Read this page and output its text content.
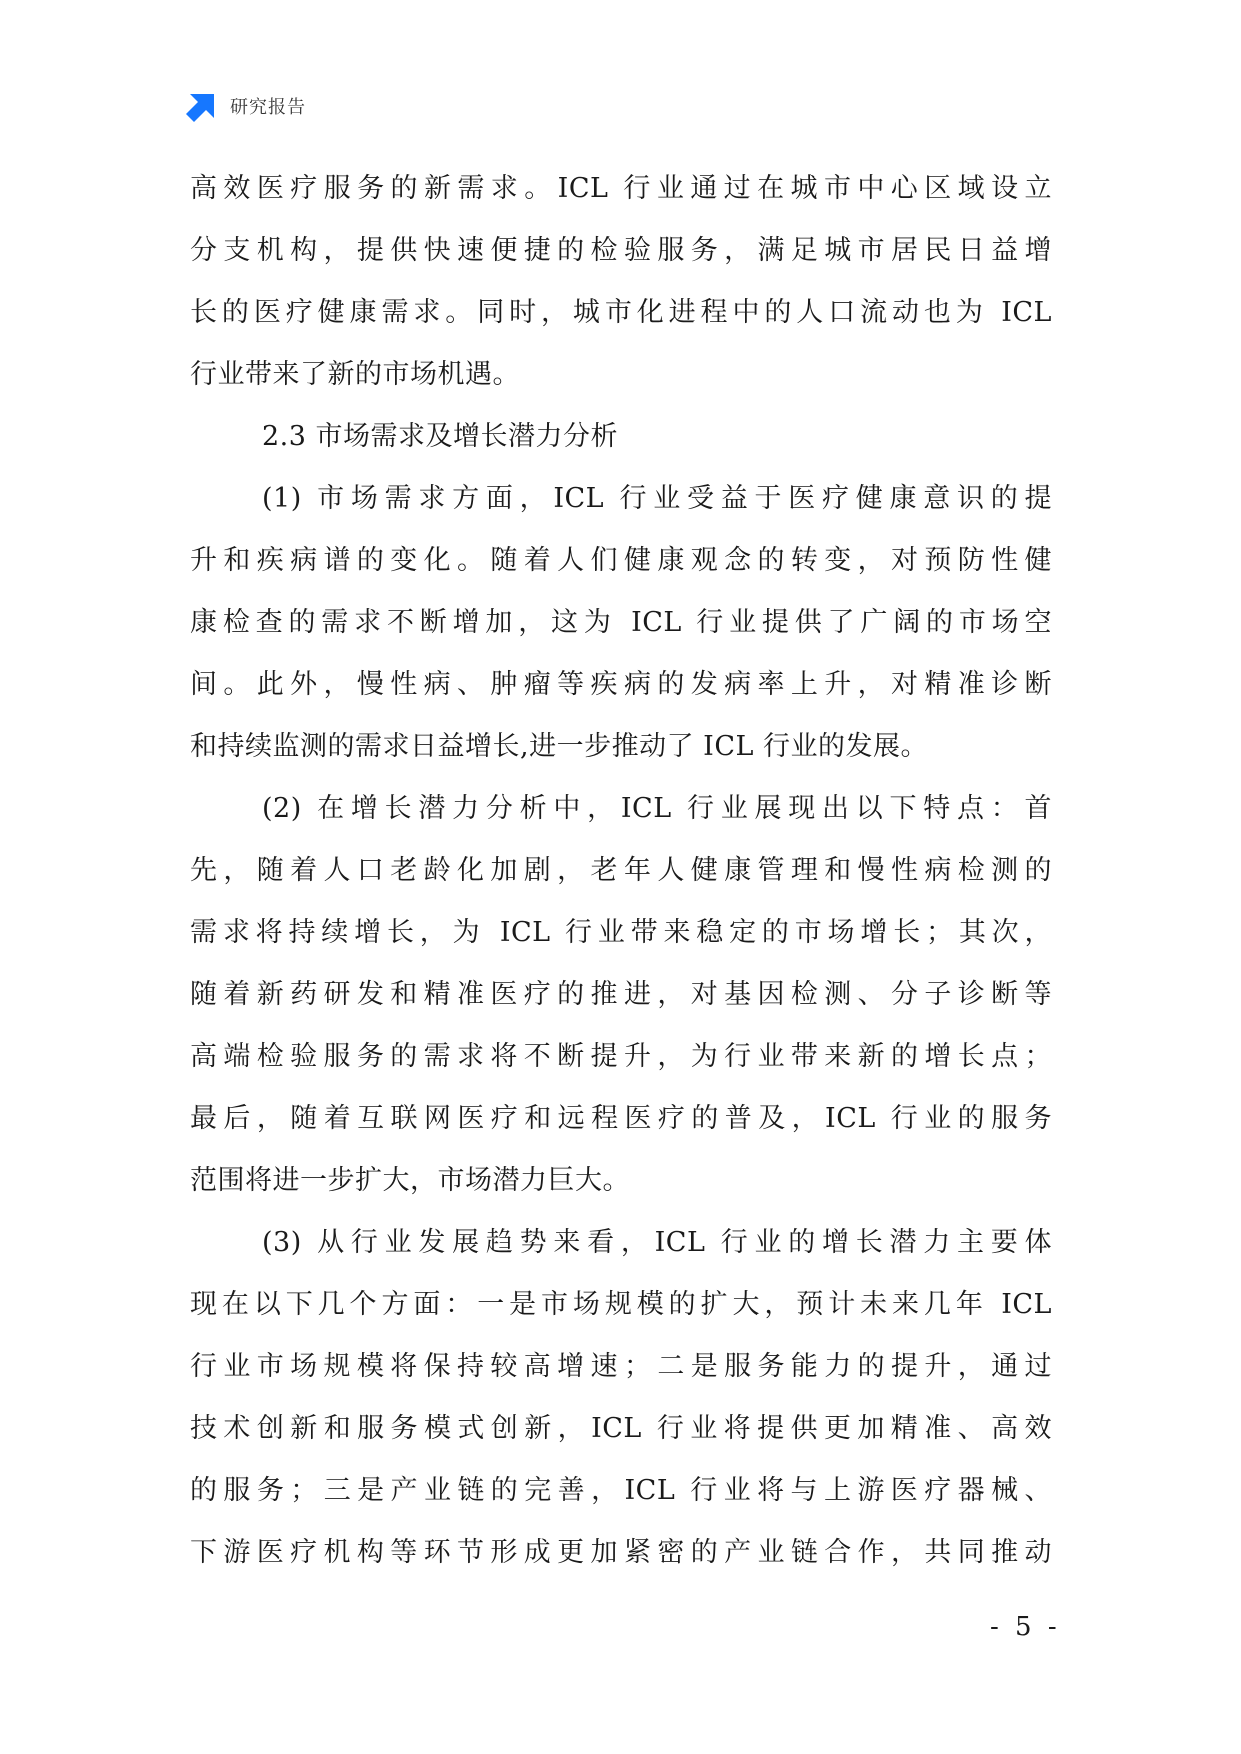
研究报告
高效医疗服务的新需求。ICL 行业通过在城市中心区域设立
分支机构，提供快速便捷的检验服务，满足城市居民日益增
长的医疗健康需求。同时，城市化进程中的人口流动也为 ICL
行业带来了新的市场机遇。
2.3 市场需求及增长潜力分析
(1) 市场需求方面，ICL 行业受益于医疗健康意识的提
升和疾病谱的变化。随着人们健康观念的转变，对预防性健
康检查的需求不断增加，这为 ICL 行业提供了广阔的市场空
间。此外，慢性病、肿瘤等疾病的发病率上升，对精准诊断
和持续监测的需求日益增长,进一步推动了 ICL 行业的发展。
(2) 在增长潜力分析中，ICL 行业展现出以下特点：首
先，随着人口老龄化加剧，老年人健康管理和慢性病检测的
需求将持续增长，为 ICL 行业带来稳定的市场增长；其次，
随着新药研发和精准医疗的推进，对基因检测、分子诊断等
高端检验服务的需求将不断提升，为行业带来新的增长点；
最后，随着互联网医疗和远程医疗的普及，ICL 行业的服务
范围将进一步扩大，市场潜力巨大。
(3) 从行业发展趋势来看，ICL 行业的增长潜力主要体
现在以下几个方面：一是市场规模的扩大，预计未来几年 ICL
行业市场规模将保持较高增速；二是服务能力的提升，通过
技术创新和服务模式创新，ICL 行业将提供更加精准、高效
的服务；三是产业链的完善，ICL 行业将与上游医疗器械、
下游医疗机构等环节形成更加紧密的产业链合作，共同推动
- 5 -
